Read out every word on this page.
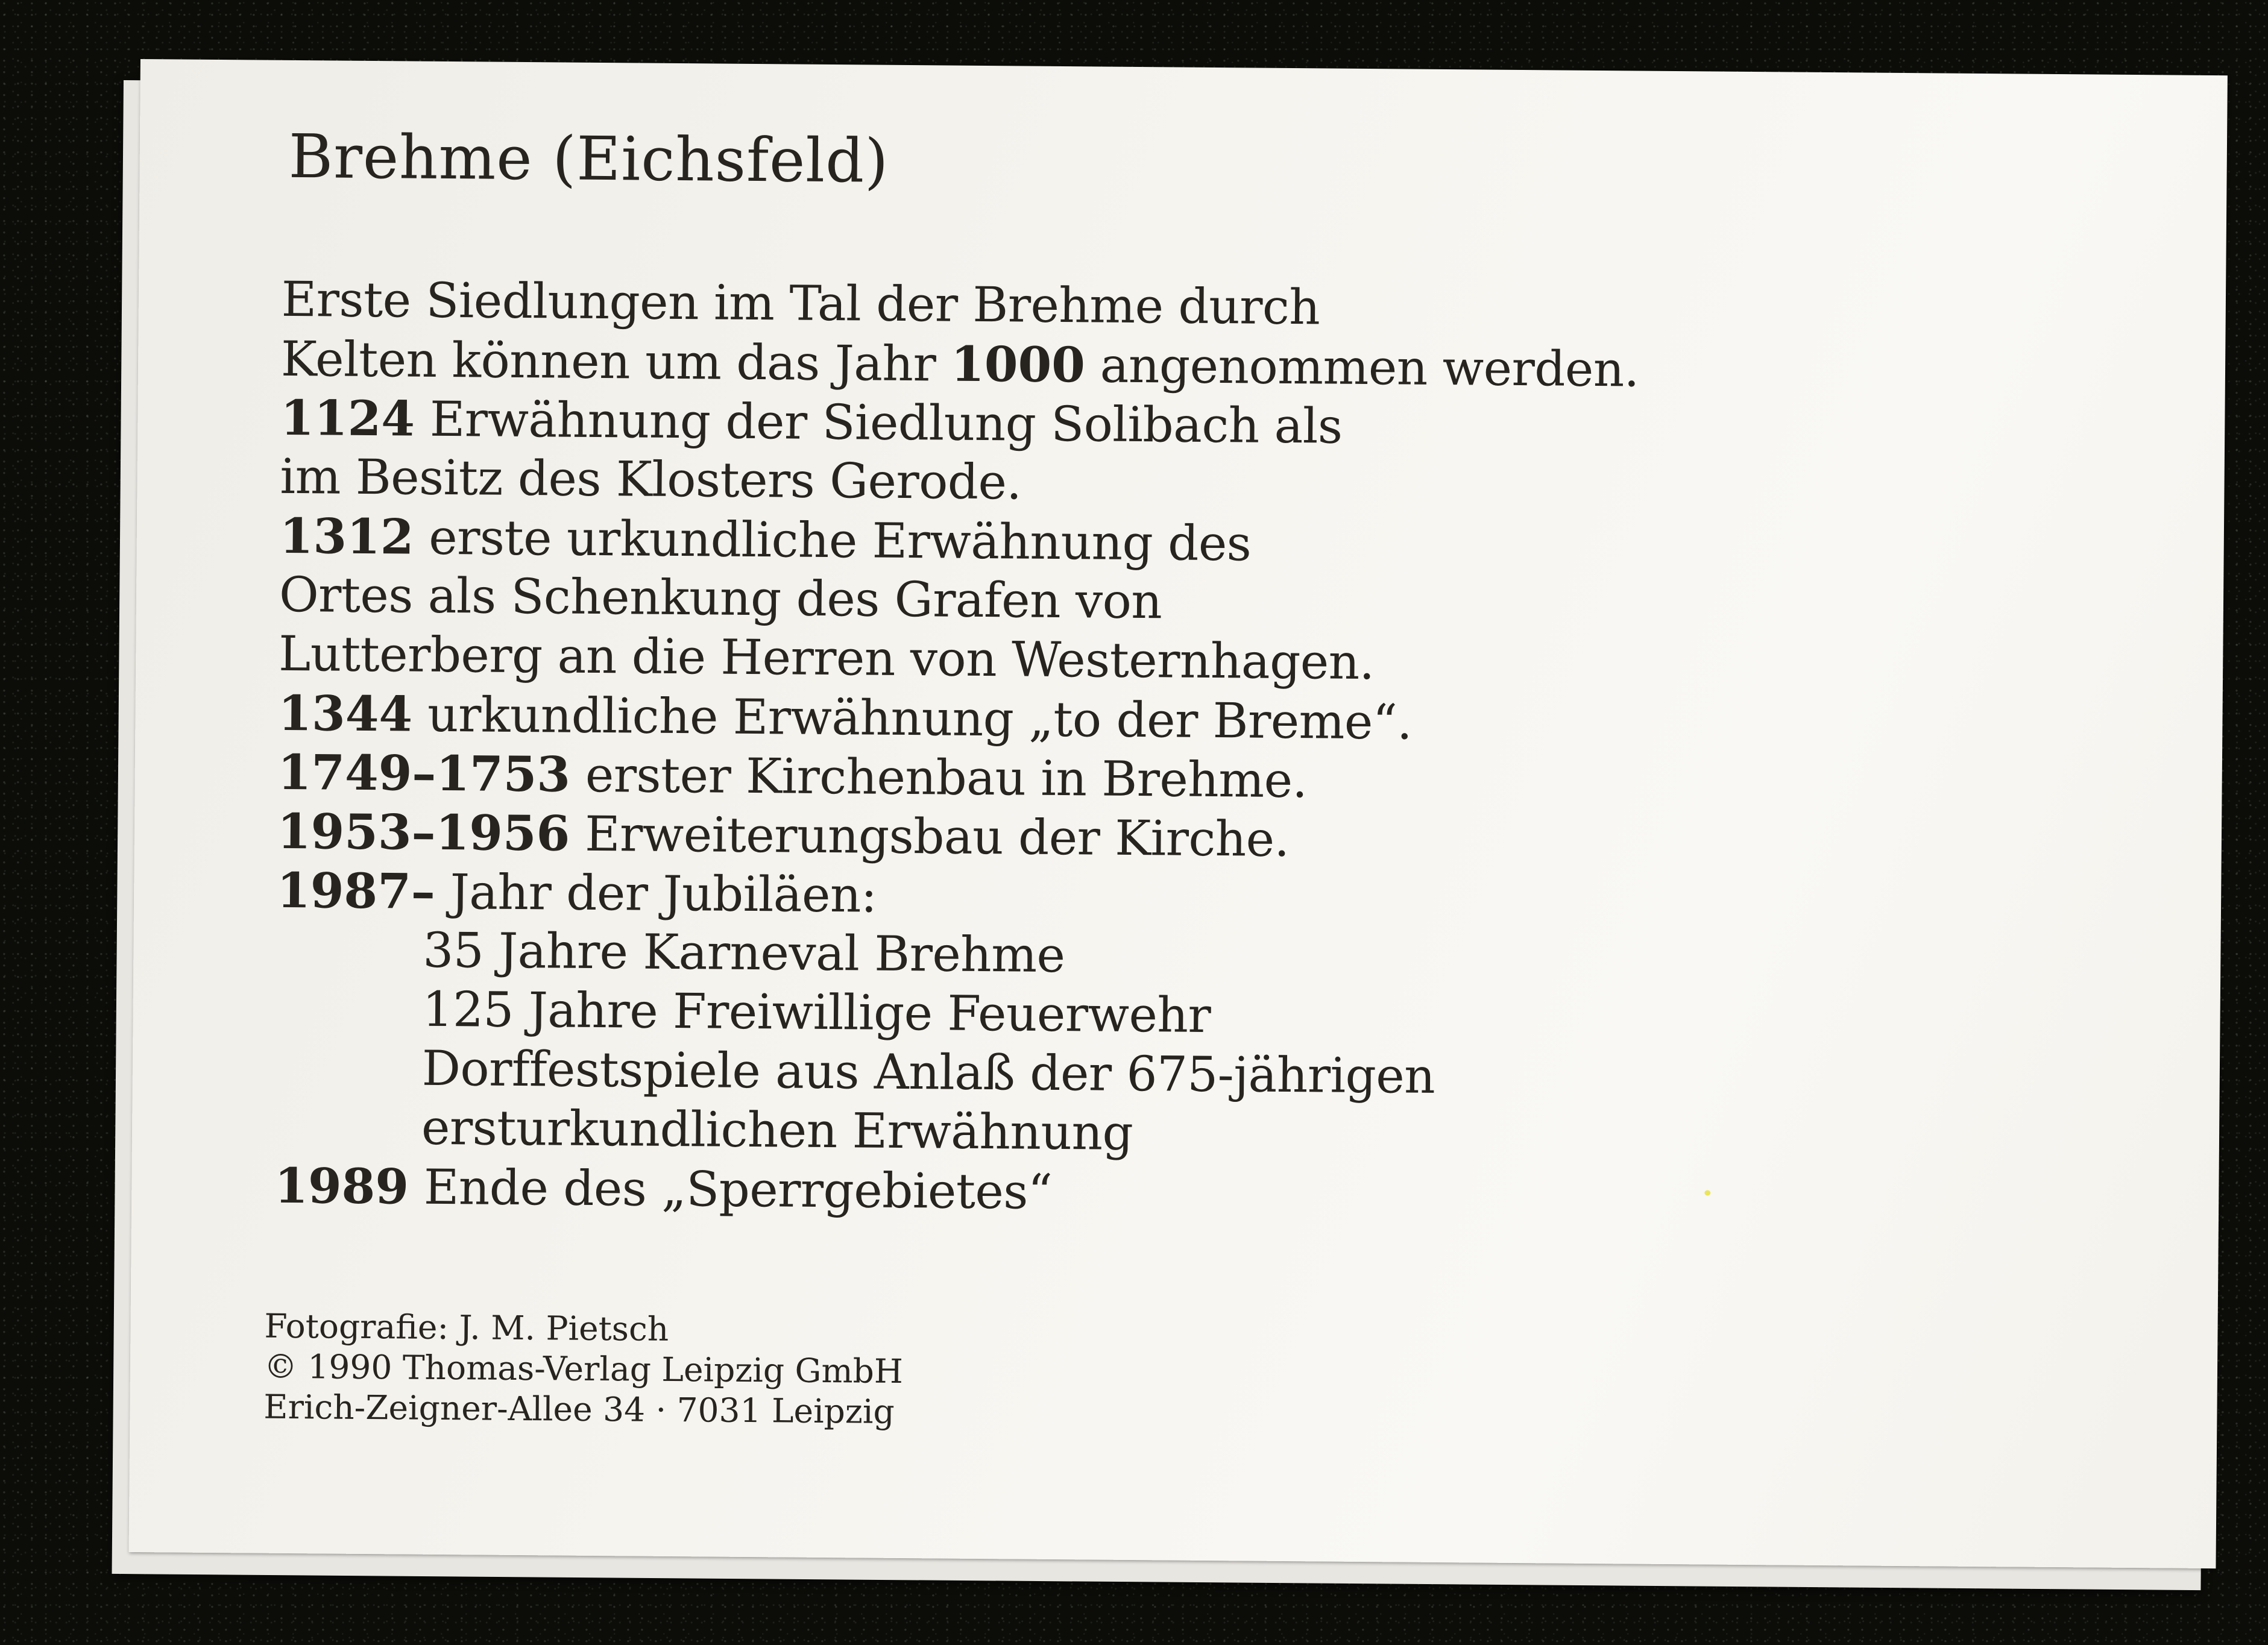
Brehme (Eichsfeld)
Erste Siedlungen im Tal der Brehme durch
Kelten können um das Jahr 1000 angenommen werden.
1124 Erwähnung der Siedlung Solibach als
im Besitz des Klosters Gerode.
1312 erste urkundliche Erwähnung des
Ortes als Schenkung des Grafen von
Lutterberg an die Herren von Westernhagen.
1344 urkundliche Erwähnung „to der Breme“.
1749–1753 erster Kirchenbau in Brehme.
1953–1956 Erweiterungsbau der Kirche.
1987– Jahr der Jubiläen:
35 Jahre Karneval Brehme
125 Jahre Freiwillige Feuerwehr
Dorffestspiele aus Anlaß der 675-jährigen
ersturkundlichen Erwähnung
1989 Ende des „Sperrgebietes“
Fotografie: J. M. Pietsch
© 1990 Thomas-Verlag Leipzig GmbH
Erich-Zeigner-Allee 34 · 7031 Leipzig
